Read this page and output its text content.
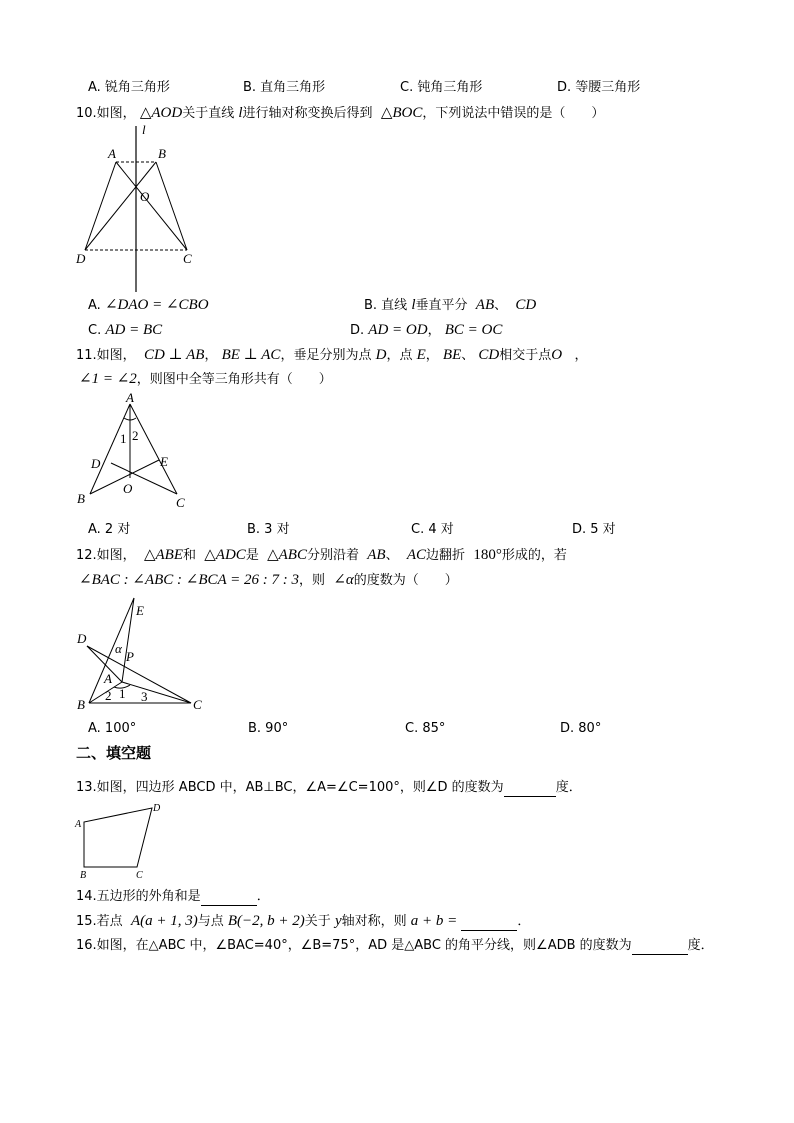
A. 锐角三角形	B. 直角三角形	C. 钝角三角形	D. 等腰三角形
10.如图， △AOD关于直线 l进行轴对称变换后得到 △BOC，下列说法中错误的是（　　）
l
A	B
O
D	C
A. ∠DAO = ∠CBO	B. 直线 l垂直平分 AB、 CD
C. AD = BC	D. AD = OD， BC = OC
11.如图， CD ⊥ AB， BE ⊥ AC，垂足分别为点 D，点 E， BE、 CD相交于点O ，
∠1 = ∠2，则图中全等三角形共有（　　）
A
1 2
D	E
O
B	C
A. 2 对	B. 3 对	C. 4 对	D. 5 对
12.如图， △ABE和 △ADC是 △ABC分别沿着 AB、 AC边翻折 180°形成的，若
∠BAC : ∠ABC : ∠BCA = 26 : 7 : 3，则 ∠α的度数为（　　）
E
D
α
P
A
1
2 3
B	C
A. 100°	B. 90°	C. 85°	D. 80°
二、填空题
13.如图，四边形 ABCD 中，AB⊥BC，∠A=∠C=100°，则∠D 的度数为	度．
A
B	C
D
14.五边形的外角和是	．
15.若点 A(a + 1, 3)与点 B(−2, b + 2)关于 y轴对称，则 a + b =	．
16.如图，在△ABC 中，∠BAC=40°，∠B=75°，AD 是△ABC 的角平分线，则∠ADB 的度数为	度．
